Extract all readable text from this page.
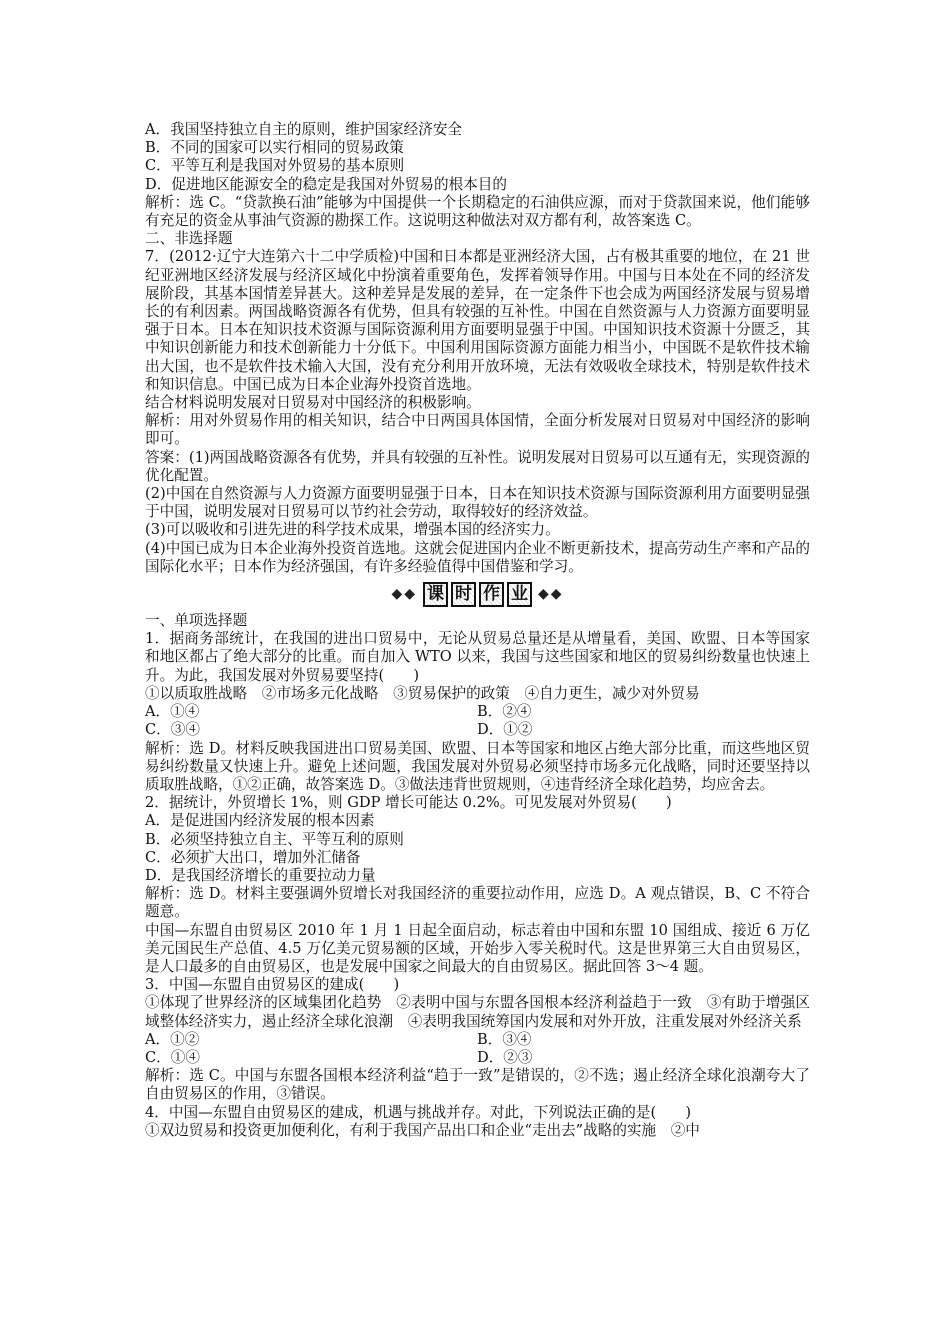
A．我国坚持独立自主的原则，维护国家经济安全

B．不同的国家可以实行相同的贸易政策

C．平等互利是我国对外贸易的基本原则

D．促进地区能源安全的稳定是我国对外贸易的根本目的

解析：选 C。“贷款换石油”能够为中国提供一个长期稳定的石油供应源，而对于贷款国来说，他们能够有充足的资金从事油气资源的勘探工作。这说明这种做法对双方都有利，故答案选 C。

二、非选择题

7．(2012·辽宁大连第六十二中学质检)中国和日本都是亚洲经济大国，占有极其重要的地位，在 21 世纪亚洲地区经济发展与经济区域化中扮演着重要角色，发挥着领导作用。中国与日本处在不同的经济发展阶段，其基本国情差异甚大。这种差异是发展的差异，在一定条件下也会成为两国经济发展与贸易增长的有利因素。两国战略资源各有优势，但具有较强的互补性。中国在自然资源与人力资源方面要明显强于日本。日本在知识技术资源与国际资源利用方面要明显强于中国。中国知识技术资源十分匮乏，其中知识创新能力和技术创新能力十分低下。中国利用国际资源方面能力相当小，中国既不是软件技术输出大国，也不是软件技术输入大国，没有充分利用开放环境，无法有效吸收全球技术，特别是软件技术和知识信息。中国已成为日本企业海外投资首选地。

结合材料说明发展对日贸易对中国经济的积极影响。

解析：用对外贸易作用的相关知识，结合中日两国具体国情，全面分析发展对日贸易对中国经济的影响即可。

答案：(1)两国战略资源各有优势，并具有较强的互补性。说明发展对日贸易可以互通有无，实现资源的优化配置。

(2)中国在自然资源与人力资源方面要明显强于日本，日本在知识技术资源与国际资源利用方面要明显强于中国，说明发展对日贸易可以节约社会劳动，取得较好的经济效益。

(3)可以吸收和引进先进的科学技术成果，增强本国的经济实力。

(4)中国已成为日本企业海外投资首选地。这就会促进国内企业不断更新技术，提高劳动生产率和产品的国际化水平；日本作为经济强国，有许多经验值得中国借鉴和学习。

◆◆ 课 时 作 业 ◆◆

一、单项选择题

1．据商务部统计，在我国的进出口贸易中，无论从贸易总量还是从增量看，美国、欧盟、日本等国家和地区都占了绝大部分的比重。而自加入 WTO 以来，我国与这些国家和地区的贸易纠纷数量也快速上升。为此，我国发展对外贸易要坚持(　　)

①以质取胜战略　②市场多元化战略　③贸易保护的政策　④自力更生，减少对外贸易

A．①④	B．②④
C．③④	D．①②

解析：选 D。材料反映我国进出口贸易美国、欧盟、日本等国家和地区占绝大部分比重，而这些地区贸易纠纷数量又快速上升。避免上述问题，我国发展对外贸易必须坚持市场多元化战略，同时还要坚持以质取胜战略，①②正确，故答案选 D。③做法违背世贸规则，④违背经济全球化趋势，均应舍去。

2．据统计，外贸增长 1%，则 GDP 增长可能达 0.2%。可见发展对外贸易(　　)

A．是促进国内经济发展的根本因素

B．必须坚持独立自主、平等互利的原则

C．必须扩大出口，增加外汇储备

D．是我国经济增长的重要拉动力量

解析：选 D。材料主要强调外贸增长对我国经济的重要拉动作用，应选 D。A 观点错误，B、C 不符合题意。

中国—东盟自由贸易区 2010 年 1 月 1 日起全面启动，标志着由中国和东盟 10 国组成、接近 6 万亿美元国民生产总值、4.5 万亿美元贸易额的区域，开始步入零关税时代。这是世界第三大自由贸易区，是人口最多的自由贸易区，也是发展中国家之间最大的自由贸易区。据此回答 3～4 题。

3．中国—东盟自由贸易区的建成(　　)

①体现了世界经济的区域集团化趋势　②表明中国与东盟各国根本经济利益趋于一致　③有助于增强区域整体经济实力，遏止经济全球化浪潮　④表明我国统筹国内发展和对外开放，注重发展对外经济关系

A．①②	B．③④
C．①④	D．②③

解析：选 C。中国与东盟各国根本经济利益“趋于一致”是错误的，②不选；遏止经济全球化浪潮夸大了自由贸易区的作用，③错误。

4．中国—东盟自由贸易区的建成，机遇与挑战并存。对此，下列说法正确的是(　　)

①双边贸易和投资更加便利化，有利于我国产品出口和企业“走出去”战略的实施　②中
